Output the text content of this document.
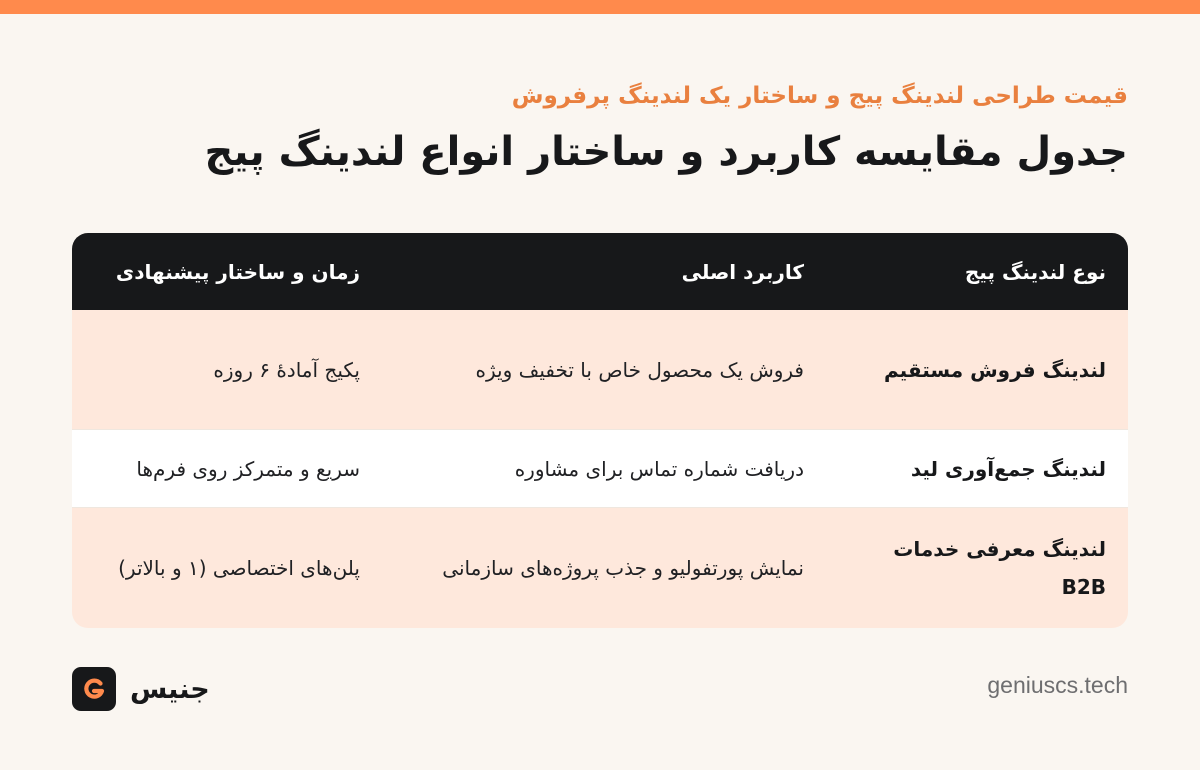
قیمت طراحی لندینگ پیج و ساختار یک لندینگ پرفروش
جدول مقایسه کاربرد و ساختار انواع لندینگ پیج
نوع لندینگ پیج
کاربرد اصلی
زمان و ساختار پیشنهادی
لندینگ فروش مستقیم
فروش یک محصول خاص با تخفیف ویژه
پکیج آمادهٔ ۶ روزه
لندینگ جمع‌آوری لید
دریافت شماره تماس برای مشاوره
سریع و متمرکز روی فرم‌ها
لندینگ معرفی خدمات B2B
نمایش پورتفولیو و جذب پروژه‌های سازمانی
پلن‌های اختصاصی (۱ و بالاتر)
جنیس	geniuscs.tech
